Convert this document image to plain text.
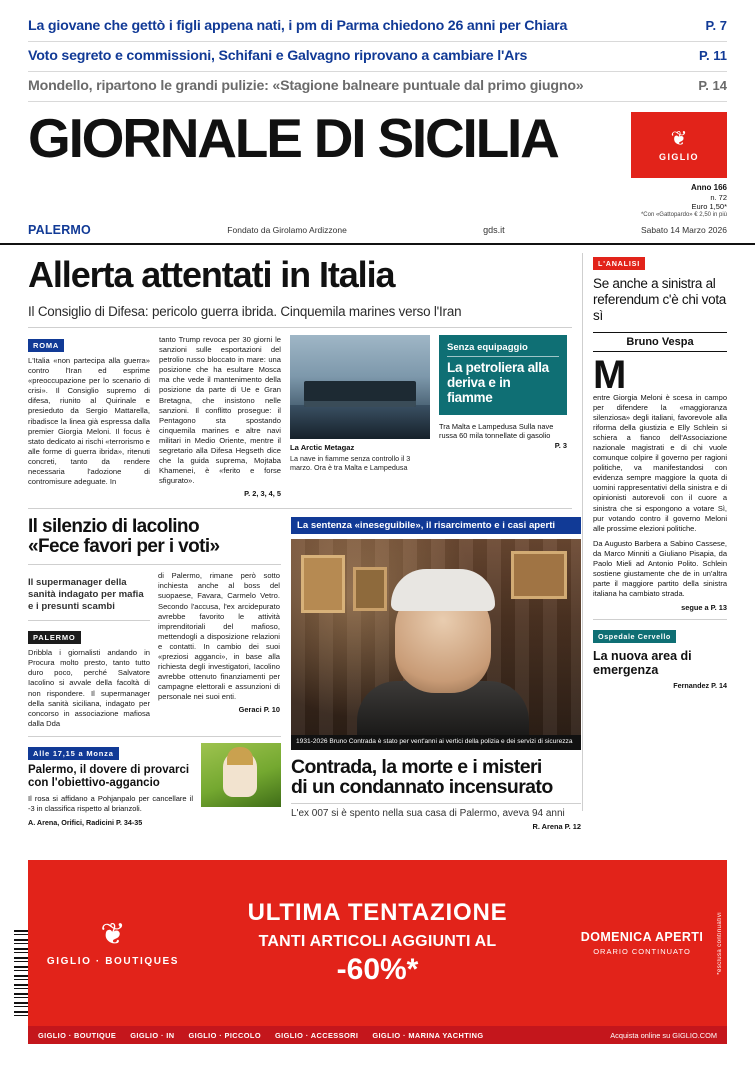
La giovane che gettò i figli appena nati, i pm di Parma chiedono 26 anni per Chiara	P. 7
Voto segreto e commissioni, Schifani e Galvagno riprovano a cambiare l'Ars	P. 11
Mondello, ripartono le grandi pulizie: «Stagione balneare puntuale dal primo giugno»	P. 14
GIORNALE DI SICILIA	❦
GIGLIO
Anno 166
n. 72
Euro 1,50*
*Con «Gattopardo» € 2,50 in più
PALERMO	Fondato da Girolamo Ardizzone	gds.it	Sabato 14 Marzo 2026
Allerta attentati in Italia
Il Consiglio di Difesa: pericolo guerra ibrida. Cinquemila marines verso l'Iran
ROMA
L'Italia «non partecipa alla guerra» contro l'Iran ed esprime «preoccupazione per lo scenario di crisi». Il Consiglio supremo di difesa, riunito al Quirinale e presieduto da Sergio Mattarella, ribadisce la linea già espressa dalla premier Giorgia Meloni. Il focus è stato dedicato ai rischi «terrorismo e alle forme di guerra ibrida», ritenuti concreti, tanto da rendere necessaria l'adozione di contromisure adeguate. In
tanto Trump revoca per 30 giorni le sanzioni sulle esportazioni del petrolio russo bloccato in mare: una posizione che ha esultare Mosca ma che vede il mantenimento della posizione da parte di Ue e Gran Bretagna, che insistono nelle sanzioni. Il conflitto prosegue: il Pentagono sta spostando cinquemila marines e altre navi militari in Medio Oriente, mentre il segretario alla Difesa Hegseth dice che la guida suprema, Mojtaba Khamenei, è «ferito e forse sfigurato».
P. 2, 3, 4, 5
La Arctic Metagaz
La nave in fiamme senza controllo il 3 marzo. Ora è tra Malta e Lampedusa
Senza equipaggio
La petroliera alla deriva e in fiamme
Tra Malta e Lampedusa Sulla nave russa 60 mila tonnellate di gasolio
P. 3
Il silenzio di Iacolino
«Fece favori per i voti»
Il supermanager della sanità indagato per mafia e i presunti scambi
PALERMO
Dribbla i giornalisti andando in Procura molto presto, tanto tutto duro poco, perché Salvatore Iacolino si avvale della facoltà di non rispondere. Il supermanager della sanità siciliana, indagato per concorso in associazione mafiosa dalla Dda
di Palermo, rimane però sotto inchiesta anche al boss del suopaese, Favara, Carmelo Vetro. Secondo l'accusa, l'ex arcidepurato avrebbe favorito le attività imprenditoriali del mafioso, mettendogli a disposizione relazioni e contatti. In cambio dei suoi «preziosi agganci», in base alla richiesta degli investigatori, Iacolino avrebbe ottenuto finanziamenti per campagne elettorali e assunzioni di personale nei suoi enti.
Geraci P. 10
Alle 17,15 a Monza
Palermo, il dovere di provarci con l'obiettivo-aggancio
Il rosa si affidano a Pohjanpalo per cancellare il -3 in classifica rispetto al brianzoli.
A. Arena, Orifici, Radicini P. 34-35
La sentenza «ineseguibile», il risarcimento e i casi aperti
1931-2026 Bruno Contrada è stato per vent'anni ai vertici della polizia e dei servizi di sicurezza
Contrada, la morte e i misteri
di un condannato incensurato
L'ex 007 si è spento nella sua casa di Palermo, aveva 94 anni
R. Arena P. 12
L'ANALISI
Se anche a sinistra al referendum c'è chi vota sì
Bruno Vespa
M
entre Giorgia Meloni è scesa in campo per difendere la «maggioranza silenziosa» degli italiani, favorevole alla riforma della giustizia e Elly Schlein si schiera a fianco dell'Associazione nazionale magistrati e di chi vuole comunque colpire il governo per ragioni politiche, va manifestandosi con evidenza sempre maggiore la quota di uomini rappresentativi della sinistra e di opinionisti autorevoli con il cuore a sinistra che si espongono a votare Sì, pur votando contro il governo Meloni alle prossime elezioni politiche.
Da Augusto Barbera a Sabino Cassese, da Marco Minniti a Giuliano Pisapia, da Paolo Mieli ad Antonio Polito. Schlein sostiene giustamente che de in un'altra parte il maggiore partito della sinistra italiana ha cambiato strada.
segue a P. 13
Ospedale Cervello
La nuova area di emergenza
Fernandez P. 14
❦
GIGLIO · BOUTIQUES
ULTIMA TENTAZIONE
TANTI ARTICOLI AGGIUNTI AL
-60%*
DOMENICA APERTI
ORARIO CONTINUATO	*esclusa continuativi
GIGLIO · BOUTIQUE GIGLIO · IN GIGLIO · PICCOLO GIGLIO · ACCESSORI GIGLIO · MARINA YACHTING	Acquista online su GIGLIO.COM
